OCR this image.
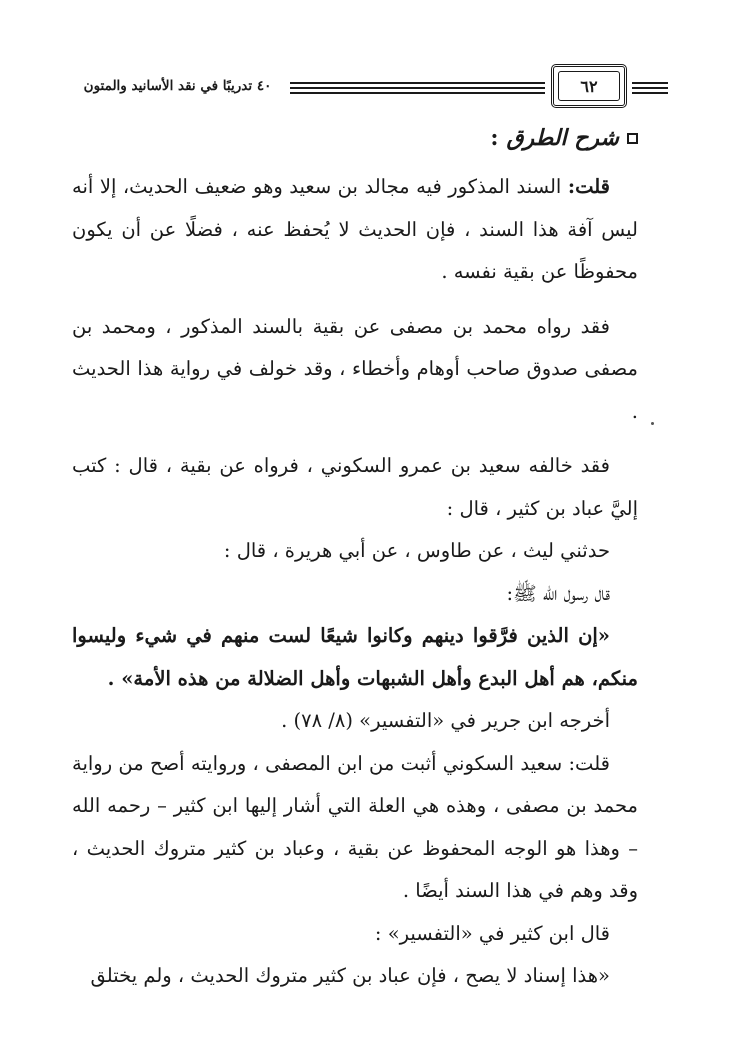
٤٠ تدريبًا في نقد الأسانيد والمتون	٦٢
شرح الطرق
:

قلت: السند المذكور فيه مجالد بن سعيد وهو ضعيف الحديث، إلا أنه ليس آفة هذا السند ، فإن الحديث لا يُحفظ عنه ، فضلًا عن أن يكون محفوظًا عن بقية نفسه .

فقد رواه محمد بن مصفى عن بقية بالسند المذكور ، ومحمد بن مصفى صدوق صاحب أوهام وأخطاء ، وقد خولف في رواية هذا الحديث .

فقد خالفه سعيد بن عمرو السكوني ، فرواه عن بقية ، قال : كتب إليَّ عباد بن كثير ، قال :

حدثني ليث ، عن طاوس ، عن أبي هريرة ، قال :

قال رسول الله ﷺ:

«إن الذين فرَّقوا دينهم وكانوا شيعًا لست منهم في شيء وليسوا منكم، هم أهل البدع وأهل الشبهات وأهل الضلالة من هذه الأمة» .

أخرجه ابن جرير في «التفسير» (٨/ ٧٨) .

قلت: سعيد السكوني أثبت من ابن المصفى ، وروايته أصح من رواية محمد بن مصفى ، وهذه هي العلة التي أشار إليها ابن كثير – رحمه الله – وهذا هو الوجه المحفوظ عن بقية ، وعباد بن كثير متروك الحديث ، وقد وهم في هذا السند أيضًا .

قال ابن كثير في «التفسير» :

«هذا إسناد لا يصح ، فإن عباد بن كثير متروك الحديث ، ولم يختلق
